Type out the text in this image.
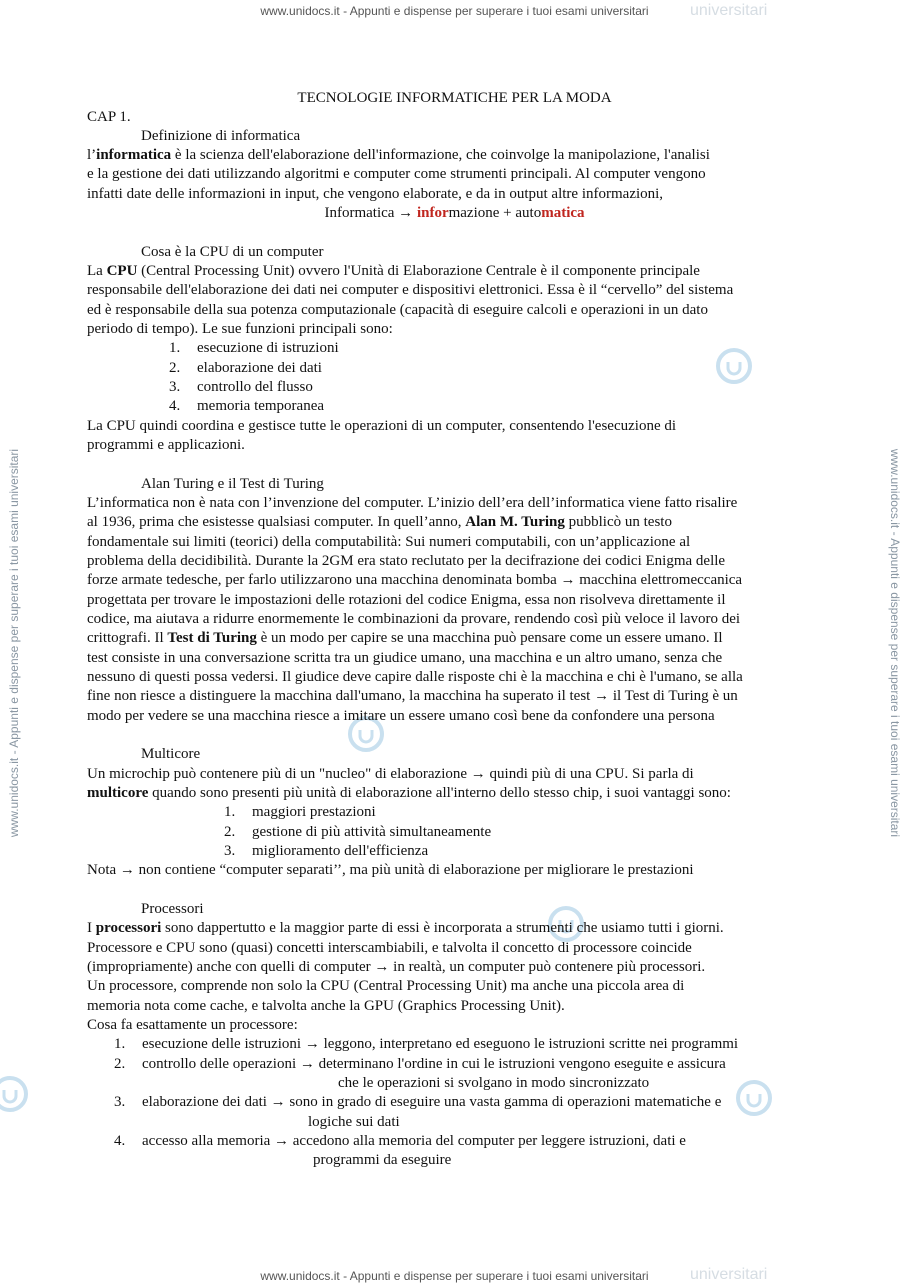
www.unidocs.it - Appunti e dispense per superare i tuoi esami universitari
www.unidocs.it - Appunti e dispense per superare i tuoi esami universitari
universitari
universitari
www.unidocs.it - Appunti e dispense per superare i tuoi esami universitari	www.unidocs.it - Appunti e dispense per superare i tuoi esami universitari
TECNOLOGIE INFORMATICHE PER LA MODA
CAP 1.
Definizione di informatica
l’informatica è la scienza dell'elaborazione dell'informazione, che coinvolge la manipolazione, l'analisi
e la gestione dei dati utilizzando algoritmi e computer come strumenti principali. Al computer vengono
infatti date delle informazioni in input, che vengono elaborate, e da in output altre informazioni,
Informatica → informazione + automatica
Cosa è la CPU di un computer
La CPU (Central Processing Unit) ovvero l'Unità di Elaborazione Centrale è il componente principale
responsabile dell'elaborazione dei dati nei computer e dispositivi elettronici. Essa è il “cervello” del sistema
ed è responsabile della sua potenza computazionale (capacità di eseguire calcoli e operazioni in un dato
periodo di tempo). Le sue funzioni principali sono:
1. esecuzione di istruzioni
2. elaborazione dei dati
3. controllo del flusso
4. memoria temporanea
La CPU quindi coordina e gestisce tutte le operazioni di un computer, consentendo l'esecuzione di
programmi e applicazioni.
Alan Turing e il Test di Turing
L’informatica non è nata con l’invenzione del computer. L’inizio dell’era dell’informatica viene fatto risalire
al 1936, prima che esistesse qualsiasi computer. In quell’anno, Alan M. Turing pubblicò un testo
fondamentale sui limiti (teorici) della computabilità: Sui numeri computabili, con un’applicazione al
problema della decidibilità. Durante la 2GM era stato reclutato per la decifrazione dei codici Enigma delle
forze armate tedesche, per farlo utilizzarono una macchina denominata bomba → macchina elettromeccanica
progettata per trovare le impostazioni delle rotazioni del codice Enigma, essa non risolveva direttamente il
codice, ma aiutava a ridurre enormemente le combinazioni da provare, rendendo così più veloce il lavoro dei
crittografi. Il Test di Turing è un modo per capire se una macchina può pensare come un essere umano. Il
test consiste in una conversazione scritta tra un giudice umano, una macchina e un altro umano, senza che
nessuno di questi possa vedersi. Il giudice deve capire dalle risposte chi è la macchina e chi è l'umano, se alla
fine non riesce a distinguere la macchina dall'umano, la macchina ha superato il test → il Test di Turing è un
modo per vedere se una macchina riesce a imitare un essere umano così bene da confondere una persona
Multicore
Un microchip può contenere più di un "nucleo" di elaborazione → quindi più di una CPU. Si parla di
multicore quando sono presenti più unità di elaborazione all'interno dello stesso chip, i suoi vantaggi sono:
1. maggiori prestazioni
2. gestione di più attività simultaneamente
3. miglioramento dell'efficienza
Nota → non contiene “computer separati’’, ma più unità di elaborazione per migliorare le prestazioni
Processori
I processori sono dappertutto e la maggior parte di essi è incorporata a strumenti che usiamo tutti i giorni.
Processore e CPU sono (quasi) concetti interscambiabili, e talvolta il concetto di processore coincide
(impropriamente) anche con quelli di computer → in realtà, un computer può contenere più processori.
Un processore, comprende non solo la CPU (Central Processing Unit) ma anche una piccola area di
memoria nota come cache, e talvolta anche la GPU (Graphics Processing Unit).
Cosa fa esattamente un processore:
1. esecuzione delle istruzioni → leggono, interpretano ed eseguono le istruzioni scritte nei programmi
2. controllo delle operazioni → determinano l'ordine in cui le istruzioni vengono eseguite e assicura
che le operazioni si svolgano in modo sincronizzato
3. elaborazione dei dati → sono in grado di eseguire una vasta gamma di operazioni matematiche e
logiche sui dati
4. accesso alla memoria → accedono alla memoria del computer per leggere istruzioni, dati e
programmi da eseguire
